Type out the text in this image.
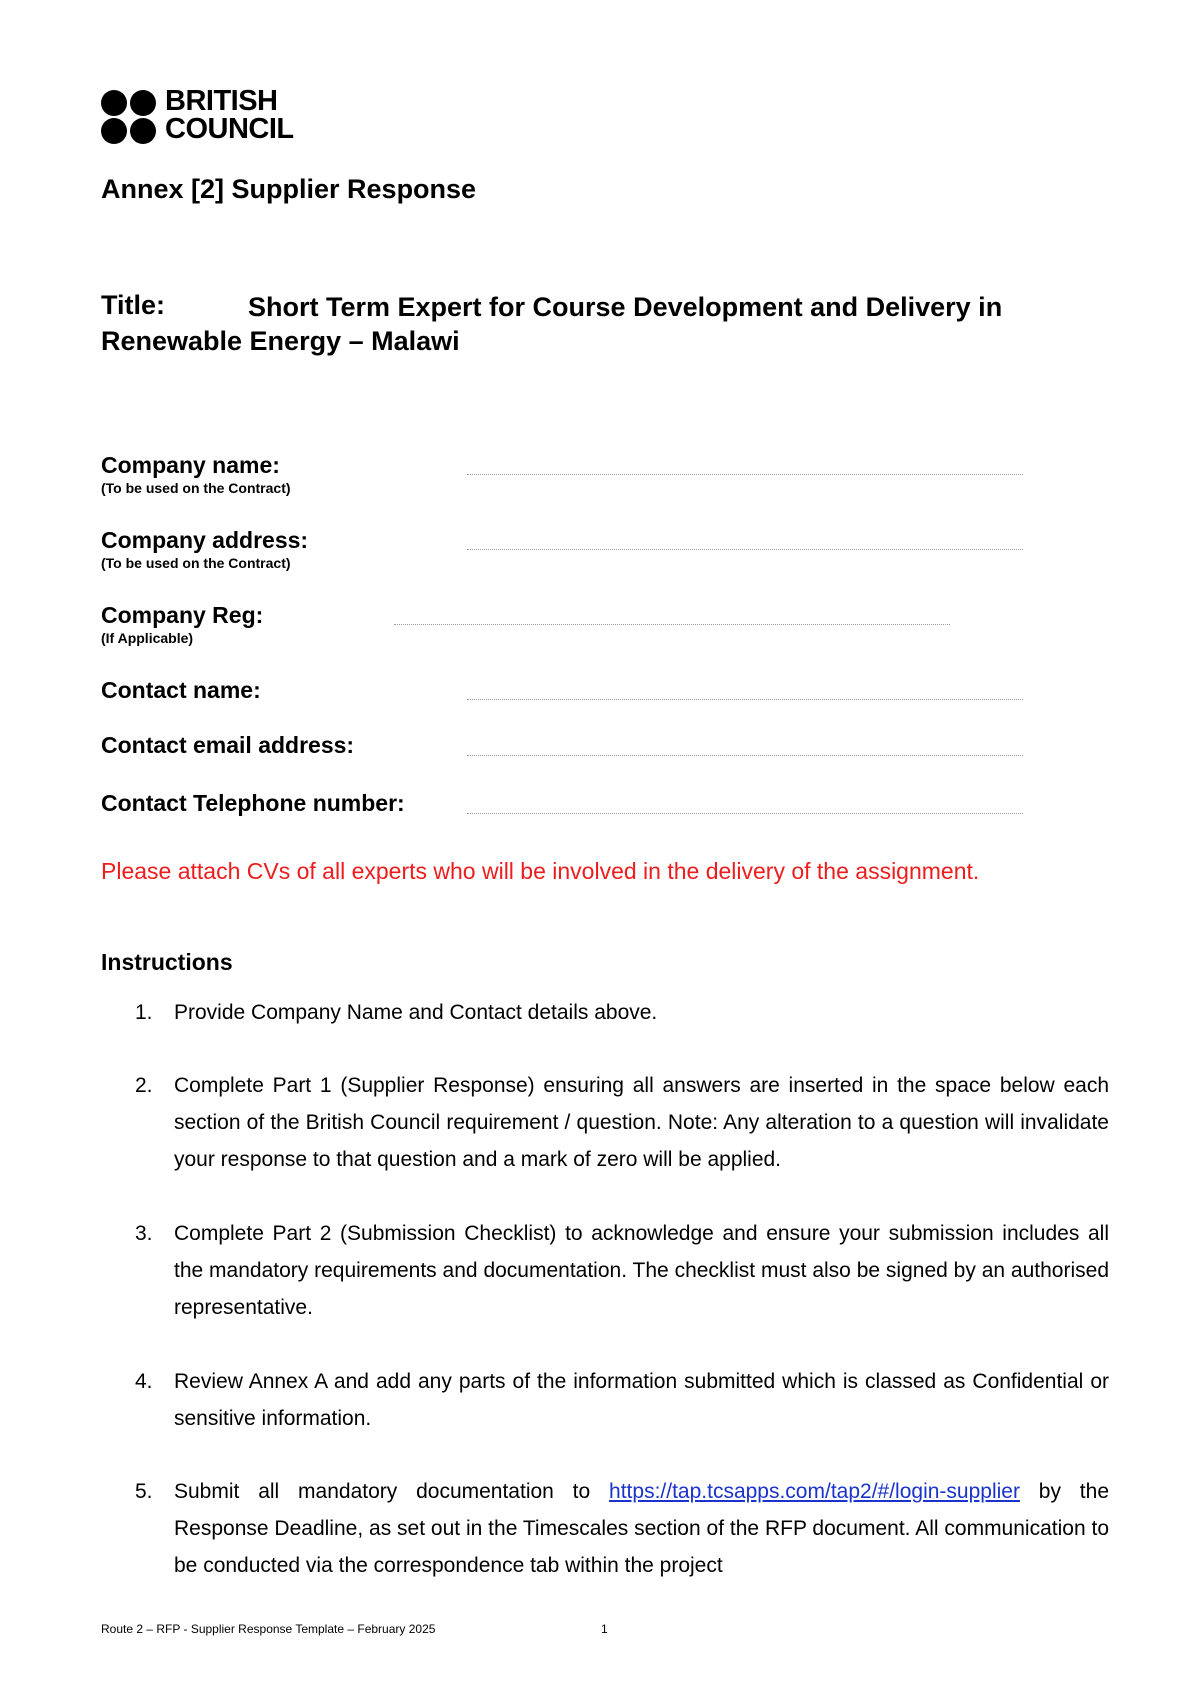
BRITISH
COUNCIL
Annex [2] Supplier Response
Title:	Short Term Expert for Course Development and Delivery in Renewable Energy – Malawi
Company name:
(To be used on the Contract)
Company address:
(To be used on the Contract)
Company Reg:
(If Applicable)
Contact name:
Contact email address:
Contact Telephone number:
Please attach CVs of all experts who will be involved in the delivery of the assignment.
Instructions
1. Provide Company Name and Contact details above.
2. Complete Part 1 (Supplier Response) ensuring all answers are inserted in the space below each section of the British Council requirement / question. Note: Any alteration to a question will invalidate your response to that question and a mark of zero will be applied.
3. Complete Part 2 (Submission Checklist) to acknowledge and ensure your submission includes all the mandatory requirements and documentation. The checklist must also be signed by an authorised representative.
4. Review Annex A and add any parts of the information submitted which is classed as Confidential or sensitive information.
5. Submit all mandatory documentation to https://tap.tcsapps.com/tap2/#/login-supplier by the Response Deadline, as set out in the Timescales section of the RFP document. All communication to be conducted via the correspondence tab within the project
Route 2 – RFP - Supplier Response Template – February 2025	1
